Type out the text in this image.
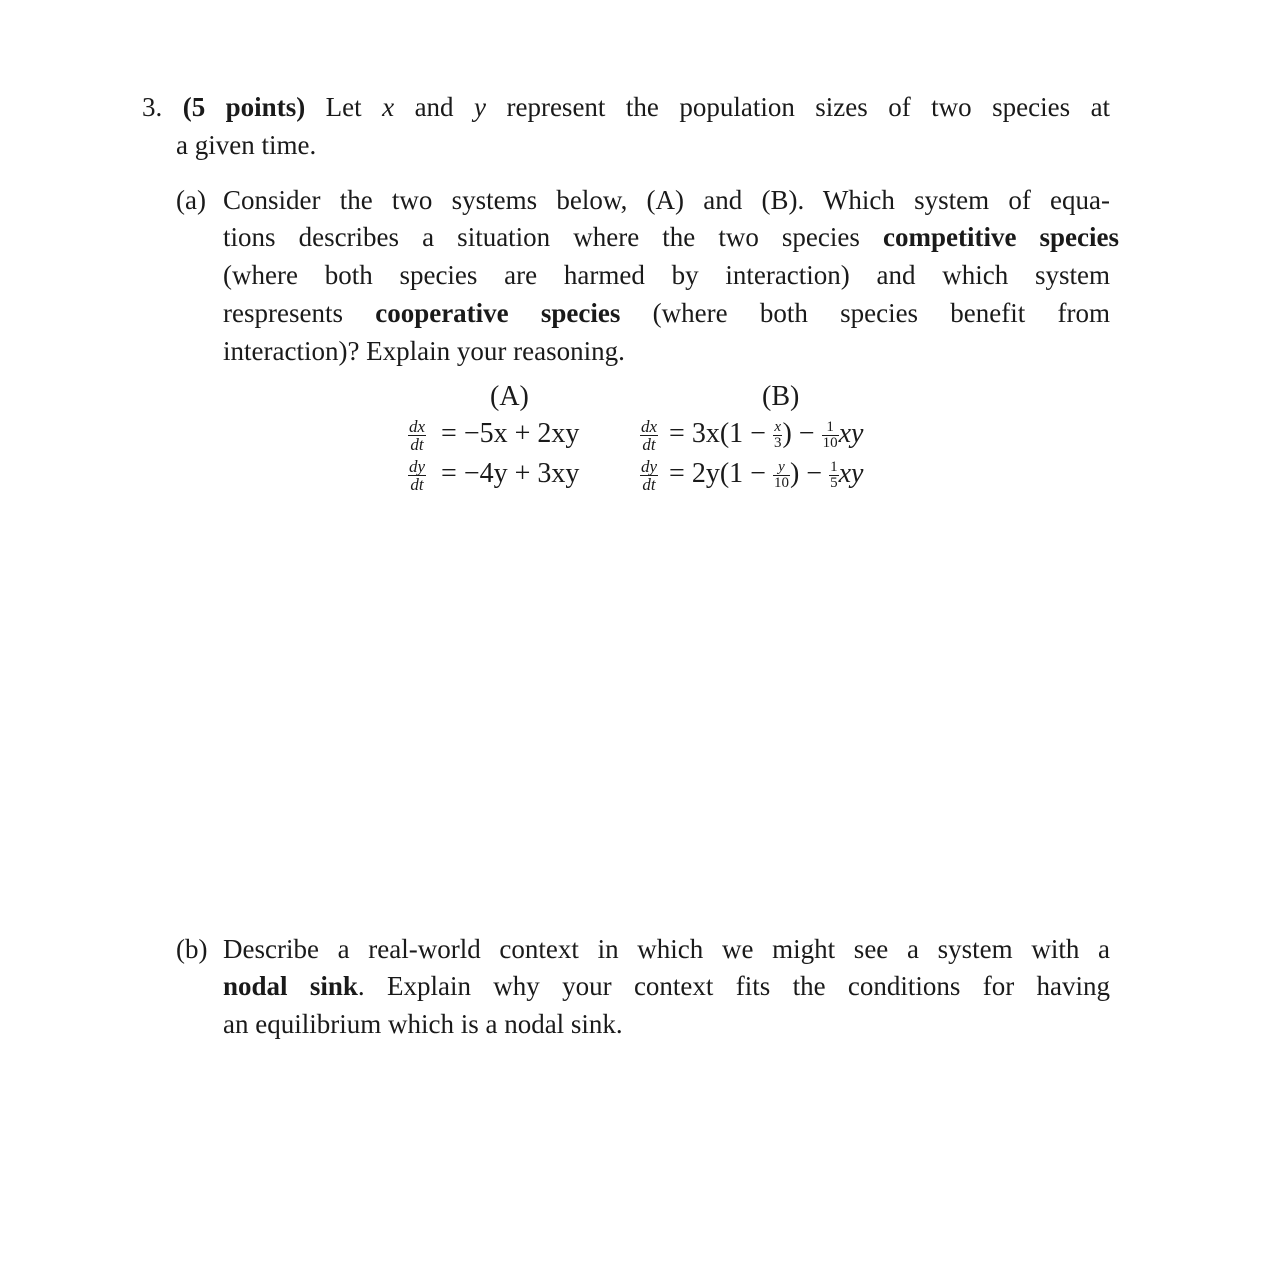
3. (5 points) Let x and y represent the population sizes of two species at
a given time.
(a) Consider the two systems below, (A) and (B). Which system of equa-
tions describes a situation where the two species competitive species
(where both species are harmed by interaction) and which system
respresents cooperative species (where both species benefit from
interaction)? Explain your reasoning.
(A)	(B)
$\frac{dx}{dt} = -5x + 2xy$
$\frac{dy}{dt} = -4y + 3xy$
$\frac{dx}{dt} = 3x(1 - \frac{x}{3}$ ) − $\frac{1}{10}$ xy
$\frac{dy}{dt} = 2y(1 - \frac{y}{10}$ ) − $\frac{1}{5}$ xy
(b) Describe a real-world context in which we might see a system with a
nodal sink. Explain why your context fits the conditions for having
an equilibrium which is a nodal sink.
